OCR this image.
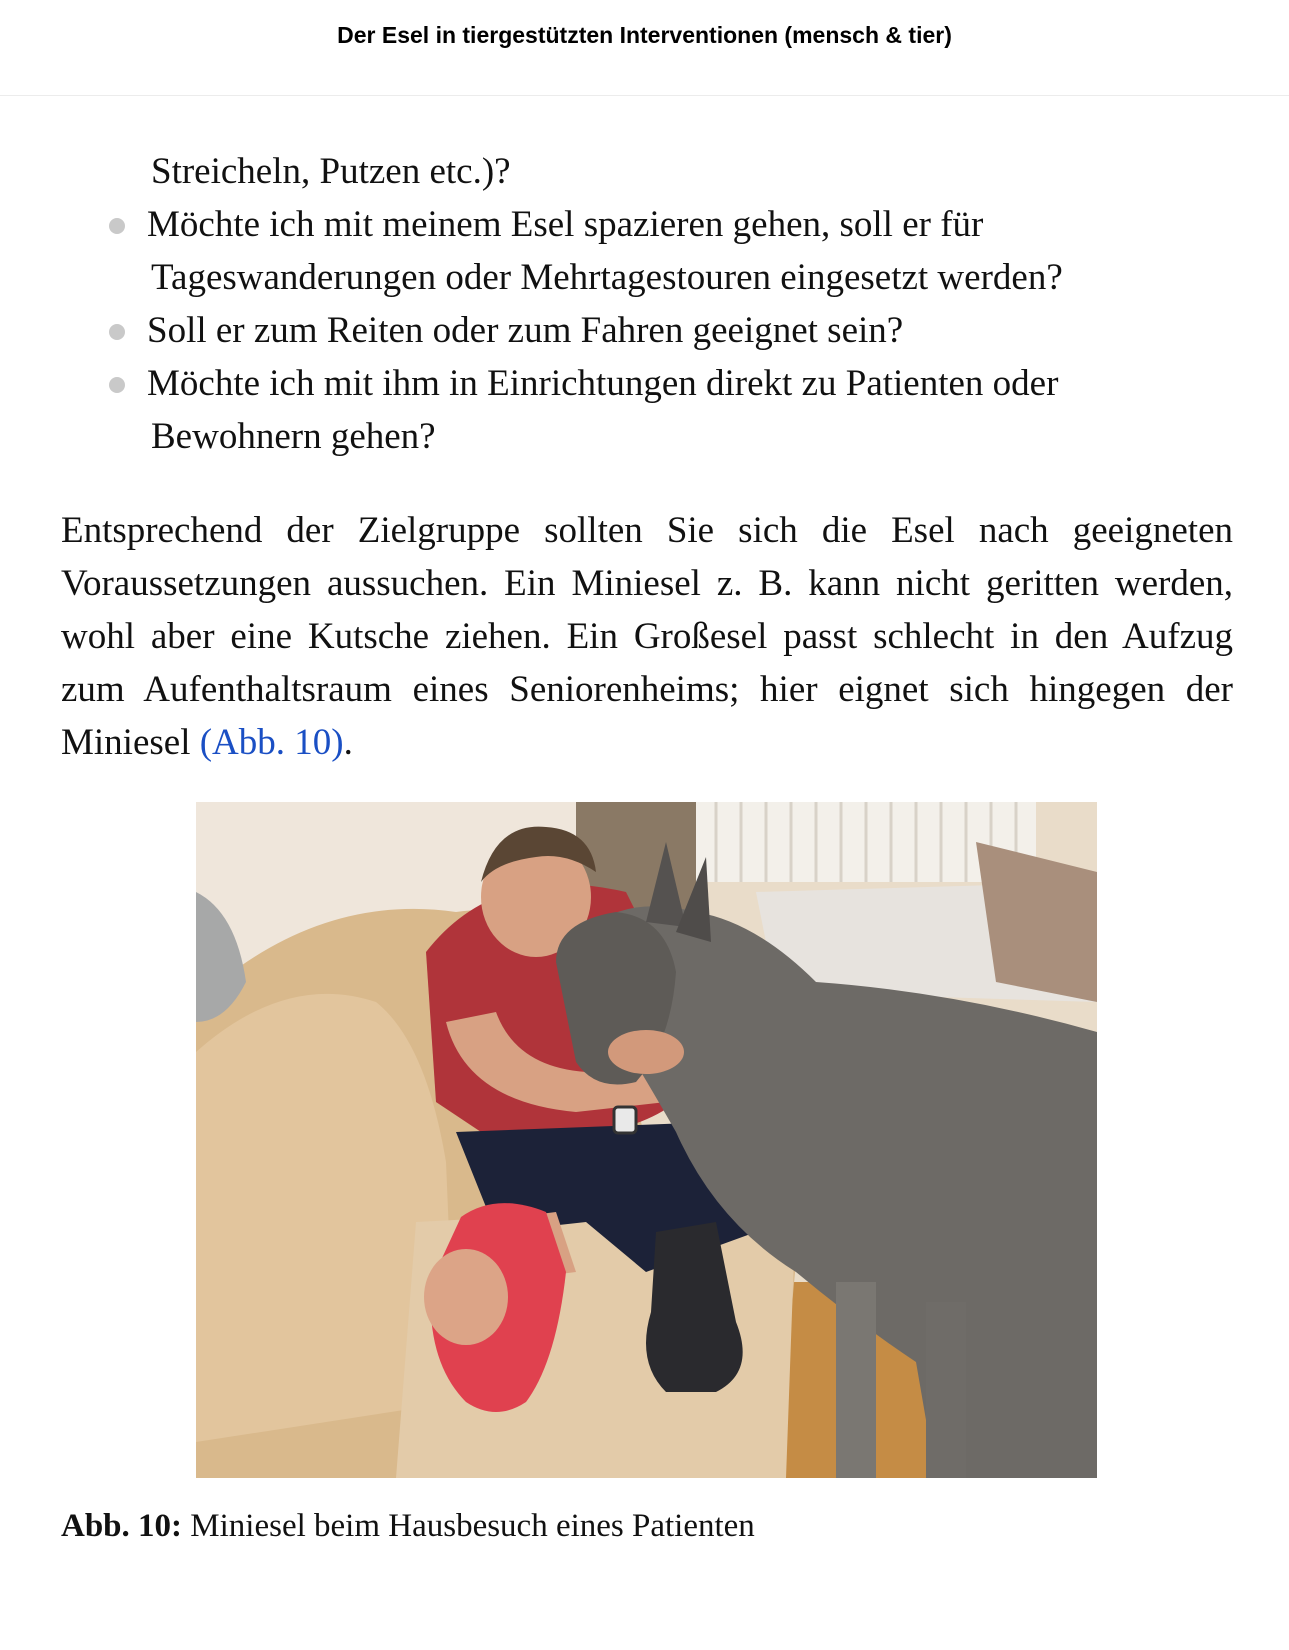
Der Esel in tiergestützten Interventionen (mensch & tier)
Streicheln, Putzen etc.)?
Möchte ich mit meinem Esel spazieren gehen, soll er für
Tageswanderungen oder Mehrtagestouren eingesetzt werden?
Soll er zum Reiten oder zum Fahren geeignet sein?
Möchte ich mit ihm in Einrichtungen direkt zu Patienten oder
Bewohnern gehen?

Entsprechend der Zielgruppe sollten Sie sich die Esel nach geeigneten Voraussetzungen aussuchen. Ein Miniesel z. B. kann nicht geritten werden, wohl aber eine Kutsche ziehen. Ein Großesel passt schlecht in den Aufzug zum Aufenthaltsraum eines Seniorenheims; hier eignet sich hingegen der Miniesel (Abb. 10).

Abb. 10: Miniesel beim Hausbesuch eines Patienten
